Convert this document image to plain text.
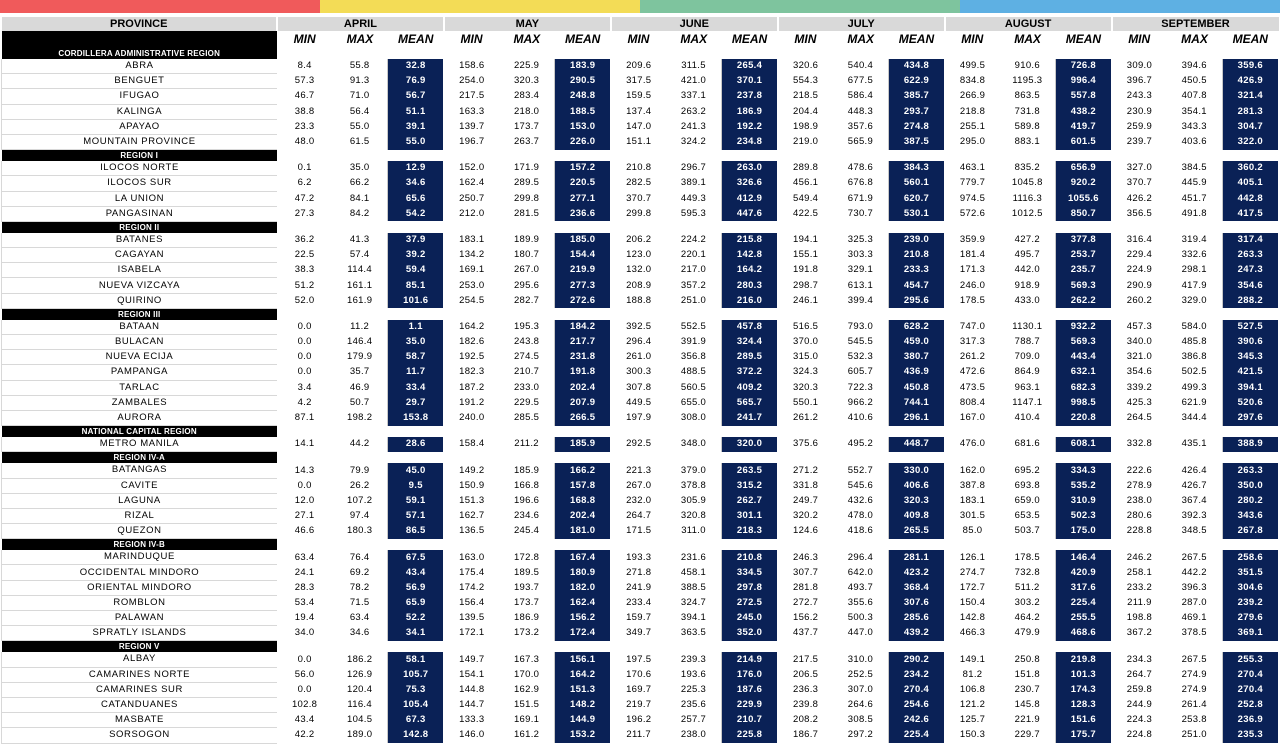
PROVINCE	APRIL			MAY			JUNE			JULY			AUGUST			SEPTEMBER		
	MIN	MAX	MEAN	MIN	MAX	MEAN	MIN	MAX	MEAN	MIN	MAX	MEAN	MIN	MAX	MEAN	MIN	MAX	MEAN
CORDILLERA ADMINISTRATIVE REGION																		
ABRA	8.4	55.8	32.8	158.6	225.9	183.9	209.6	311.5	265.4	320.6	540.4	434.8	499.5	910.6	726.8	309.0	394.6	359.6
BENGUET	57.3	91.3	76.9	254.0	320.3	290.5	317.5	421.0	370.1	554.3	677.5	622.9	834.8	1195.3	996.4	396.7	450.5	426.9
IFUGAO	46.7	71.0	56.7	217.5	283.4	248.8	159.5	337.1	237.8	218.5	586.4	385.7	266.9	863.5	557.8	243.3	407.8	321.4
KALINGA	38.8	56.4	51.1	163.3	218.0	188.5	137.4	263.2	186.9	204.4	448.3	293.7	218.8	731.8	438.2	230.9	354.1	281.3
APAYAO	23.3	55.0	39.1	139.7	173.7	153.0	147.0	241.3	192.2	198.9	357.6	274.8	255.1	589.8	419.7	259.9	343.3	304.7
MOUNTAIN PROVINCE	48.0	61.5	55.0	196.7	263.7	226.0	151.1	324.2	234.8	219.0	565.9	387.5	295.0	883.1	601.5	239.7	403.6	322.0
REGION I																		
ILOCOS NORTE	0.1	35.0	12.9	152.0	171.9	157.2	210.8	296.7	263.0	289.8	478.6	384.3	463.1	835.2	656.9	327.0	384.5	360.2
ILOCOS SUR	6.2	66.2	34.6	162.4	289.5	220.5	282.5	389.1	326.6	456.1	676.8	560.1	779.7	1045.8	920.2	370.7	445.9	405.1
LA UNION	47.2	84.1	65.6	250.7	299.8	277.1	370.7	449.3	412.9	549.4	671.9	620.7	974.5	1116.3	1055.6	426.2	451.7	442.8
PANGASINAN	27.3	84.2	54.2	212.0	281.5	236.6	299.8	595.3	447.6	422.5	730.7	530.1	572.6	1012.5	850.7	356.5	491.8	417.5
REGION II																		
BATANES	36.2	41.3	37.9	183.1	189.9	185.0	206.2	224.2	215.8	194.1	325.3	239.0	359.9	427.2	377.8	316.4	319.4	317.4
CAGAYAN	22.5	57.4	39.2	134.2	180.7	154.4	123.0	220.1	142.8	155.1	303.3	210.8	181.4	495.7	253.7	229.4	332.6	263.3
ISABELA	38.3	114.4	59.4	169.1	267.0	219.9	132.0	217.0	164.2	191.8	329.1	233.3	171.3	442.0	235.7	224.9	298.1	247.3
NUEVA VIZCAYA	51.2	161.1	85.1	253.0	295.6	277.3	208.9	357.2	280.3	298.7	613.1	454.7	246.0	918.9	569.3	290.9	417.9	354.6
QUIRINO	52.0	161.9	101.6	254.5	282.7	272.6	188.8	251.0	216.0	246.1	399.4	295.6	178.5	433.0	262.2	260.2	329.0	288.2
REGION III																		
BATAAN	0.0	11.2	1.1	164.2	195.3	184.2	392.5	552.5	457.8	516.5	793.0	628.2	747.0	1130.1	932.2	457.3	584.0	527.5
BULACAN	0.0	146.4	35.0	182.6	243.8	217.7	296.4	391.9	324.4	370.0	545.5	459.0	317.3	788.7	569.3	340.0	485.8	390.6
NUEVA ECIJA	0.0	179.9	58.7	192.5	274.5	231.8	261.0	356.8	289.5	315.0	532.3	380.7	261.2	709.0	443.4	321.0	386.8	345.3
PAMPANGA	0.0	35.7	11.7	182.3	210.7	191.8	300.3	488.5	372.2	324.3	605.7	436.9	472.6	864.9	632.1	354.6	502.5	421.5
TARLAC	3.4	46.9	33.4	187.2	233.0	202.4	307.8	560.5	409.2	320.3	722.3	450.8	473.5	963.1	682.3	339.2	499.3	394.1
ZAMBALES	4.2	50.7	29.7	191.2	229.5	207.9	449.5	655.0	565.7	550.1	966.2	744.1	808.4	1147.1	998.5	425.3	621.9	520.6
AURORA	87.1	198.2	153.8	240.0	285.5	266.5	197.9	308.0	241.7	261.2	410.6	296.1	167.0	410.4	220.8	264.5	344.4	297.6
NATIONAL CAPITAL REGION																		
METRO MANILA	14.1	44.2	28.6	158.4	211.2	185.9	292.5	348.0	320.0	375.6	495.2	448.7	476.0	681.6	608.1	332.8	435.1	388.9
REGION IV-A																		
BATANGAS	14.3	79.9	45.0	149.2	185.9	166.2	221.3	379.0	263.5	271.2	552.7	330.0	162.0	695.2	334.3	222.6	426.4	263.3
CAVITE	0.0	26.2	9.5	150.9	166.8	157.8	267.0	378.8	315.2	331.8	545.6	406.6	387.8	693.8	535.2	278.9	426.7	350.0
LAGUNA	12.0	107.2	59.1	151.3	196.6	168.8	232.0	305.9	262.7	249.7	432.6	320.3	183.1	659.0	310.9	238.0	367.4	280.2
RIZAL	27.1	97.4	57.1	162.7	234.6	202.4	264.7	320.8	301.1	320.2	478.0	409.8	301.5	653.5	502.3	280.6	392.3	343.6
QUEZON	46.6	180.3	86.5	136.5	245.4	181.0	171.5	311.0	218.3	124.6	418.6	265.5	85.0	503.7	175.0	228.8	348.5	267.8
REGION IV-B																		
MARINDUQUE	63.4	76.4	67.5	163.0	172.8	167.4	193.3	231.6	210.8	246.3	296.4	281.1	126.1	178.5	146.4	246.2	267.5	258.6
OCCIDENTAL MINDORO	24.1	69.2	43.4	175.4	189.5	180.9	271.8	458.1	334.5	307.7	642.0	423.2	274.7	732.8	420.9	258.1	442.2	351.5
ORIENTAL MINDORO	28.3	78.2	56.9	174.2	193.7	182.0	241.9	388.5	297.8	281.8	493.7	368.4	172.7	511.2	317.6	233.2	396.3	304.6
ROMBLON	53.4	71.5	65.9	156.4	173.7	162.4	233.4	324.7	272.5	272.7	355.6	307.6	150.4	303.2	225.4	211.9	287.0	239.2
PALAWAN	19.4	63.4	52.2	139.5	186.9	156.2	159.7	394.1	245.0	156.2	500.3	285.6	142.8	464.2	255.5	198.8	469.1	279.6
SPRATLY ISLANDS	34.0	34.6	34.1	172.1	173.2	172.4	349.7	363.5	352.0	437.7	447.0	439.2	466.3	479.9	468.6	367.2	378.5	369.1
REGION V																		
ALBAY	0.0	186.2	58.1	149.7	167.3	156.1	197.5	239.3	214.9	217.5	310.0	290.2	149.1	250.8	219.8	234.3	267.5	255.3
CAMARINES NORTE	56.0	126.9	105.7	154.1	170.0	164.2	170.6	193.6	176.0	206.5	252.5	234.2	81.2	151.8	101.3	264.7	274.9	270.4
CAMARINES SUR	0.0	120.4	75.3	144.8	162.9	151.3	169.7	225.3	187.6	236.3	307.0	270.4	106.8	230.7	174.3	259.8	274.9	270.4
CATANDUANES	102.8	116.4	105.4	144.7	151.5	148.2	219.7	235.6	229.9	239.8	264.6	254.6	121.2	145.8	128.3	244.9	261.4	252.8
MASBATE	43.4	104.5	67.3	133.3	169.1	144.9	196.2	257.7	210.7	208.2	308.5	242.6	125.7	221.9	151.6	224.3	253.8	236.9
SORSOGON	42.2	189.0	142.8	146.0	161.2	153.2	211.7	238.0	225.8	186.7	297.2	225.4	150.3	229.7	175.7	224.8	251.0	235.3
